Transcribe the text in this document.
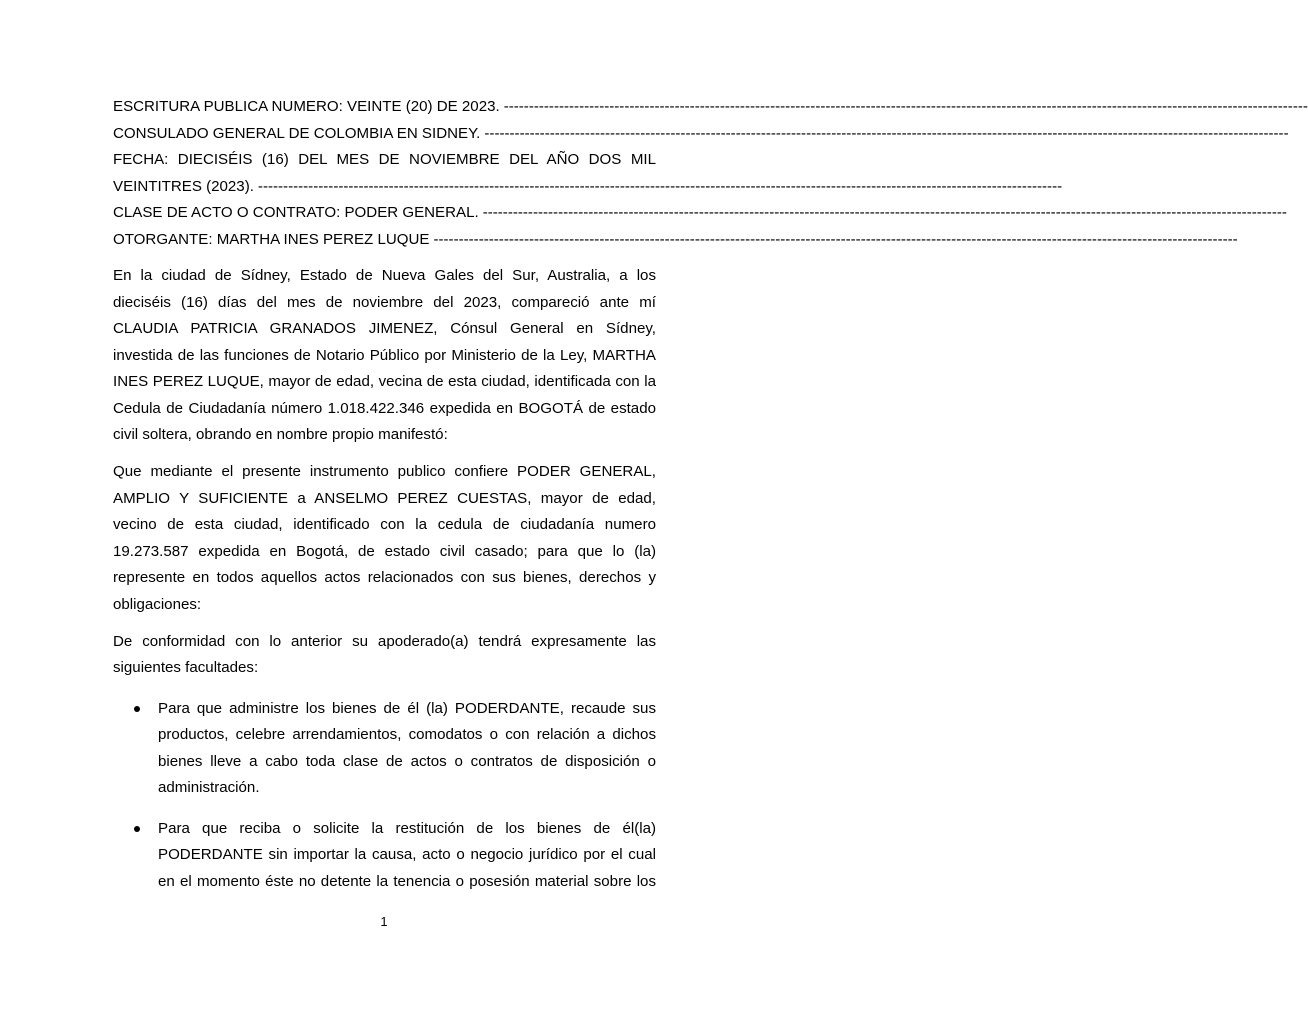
ESCRITURA PUBLICA NUMERO: VEINTE (20) DE 2023. ----------------------------------------------------------------------------------------------------------------------------------------------------------------
CONSULADO GENERAL DE COLOMBIA EN SIDNEY. ----------------------------------------------------------------------------------------------------------------------------------------------------------------
FECHA: DIECISÉIS (16) DEL MES DE NOVIEMBRE DEL AÑO DOS MIL
VEINTITRES (2023). ----------------------------------------------------------------------------------------------------------------------------------------------------------------
CLASE DE ACTO O CONTRATO: PODER GENERAL. ----------------------------------------------------------------------------------------------------------------------------------------------------------------
OTORGANTE: MARTHA INES PEREZ LUQUE ----------------------------------------------------------------------------------------------------------------------------------------------------------------
En la ciudad de Sídney, Estado de Nueva Gales del Sur, Australia, a los
dieciséis (16) días del mes de noviembre del 2023, compareció ante mí
CLAUDIA PATRICIA GRANADOS JIMENEZ, Cónsul General en Sídney,
investida de las funciones de Notario Público por Ministerio de la Ley, MARTHA
INES PEREZ LUQUE, mayor de edad, vecina de esta ciudad, identificada con la
Cedula de Ciudadanía número 1.018.422.346 expedida en BOGOTÁ de estado
civil soltera, obrando en nombre propio manifestó:
Que mediante el presente instrumento publico confiere PODER GENERAL,
AMPLIO Y SUFICIENTE a ANSELMO PEREZ CUESTAS, mayor de edad,
vecino de esta ciudad, identificado con la cedula de ciudadanía numero
19.273.587 expedida en Bogotá, de estado civil casado; para que lo (la)
represente en todos aquellos actos relacionados con sus bienes, derechos y
obligaciones:
De conformidad con lo anterior su apoderado(a) tendrá expresamente las
siguientes facultades:
Para que administre los bienes de él (la) PODERDANTE, recaude sus
productos, celebre arrendamientos, comodatos o con relación a dichos
bienes lleve a cabo toda clase de actos o contratos de disposición o
administración.
Para que reciba o solicite la restitución de los bienes de él(la)
PODERDANTE sin importar la causa, acto o negocio jurídico por el cual
en el momento éste no detente la tenencia o posesión material sobre los
1
